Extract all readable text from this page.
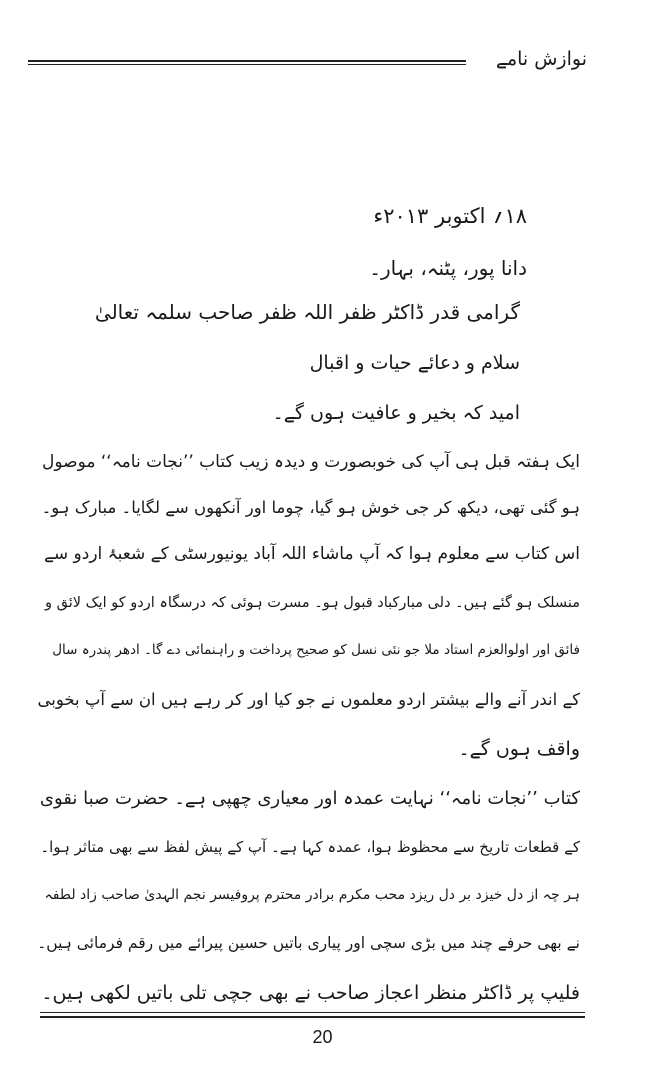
نوازش نامے
۱۸؍ اکتوبر ۲۰۱۳ء
دانا پور، پٹنہ، بہار۔
گرامی قدر ڈاکٹر ظفر اللہ ظفر صاحب سلمہ تعالیٰ
سلام و دعائے حیات و اقبال
امید کہ بخیر و عافیت ہوں گے۔
ایک ہفتہ قبل ہی آپ کی خوبصورت و دیدہ زیب کتاب ’’نجات نامہ‘‘ موصول
ہو گئی تھی، دیکھ کر جی خوش ہو گیا، چوما اور آنکھوں سے لگایا۔ مبارک ہو۔
اس کتاب سے معلوم ہوا کہ آپ ماشاء اللہ آباد یونیورسٹی کے شعبۂ اردو سے
منسلک ہو گئے ہیں۔ دلی مبارکباد قبول ہو۔ مسرت ہوئی کہ درسگاہ اردو کو ایک لائق و
فائق اور اولوالعزم استاد ملا جو نئی نسل کو صحیح پرداخت و راہنمائی دے گا۔ ادھر پندرہ سال
کے اندر آنے والے بیشتر اردو معلموں نے جو کیا اور کر رہے ہیں ان سے آپ بخوبی
واقف ہوں گے۔
کتاب ’’نجات نامہ‘‘ نہایت عمدہ اور معیاری چھپی ہے۔ حضرت صبا نقوی
کے قطعات تاریخ سے محظوظ ہوا، عمدہ کہا ہے۔ آپ کے پیش لفظ سے بھی متاثر ہوا۔
ہر چہ از دل خیزد بر دل ریزد محب مکرم برادر محترم پروفیسر نجم الہدیٰ صاحب زاد لطفہ
نے بھی حرفے چند میں بڑی سچی اور پیاری باتیں حسین پیرائے میں رقم فرمائی ہیں۔
فلیپ پر ڈاکٹر منظر اعجاز صاحب نے بھی جچی تلی باتیں لکھی ہیں۔
20
